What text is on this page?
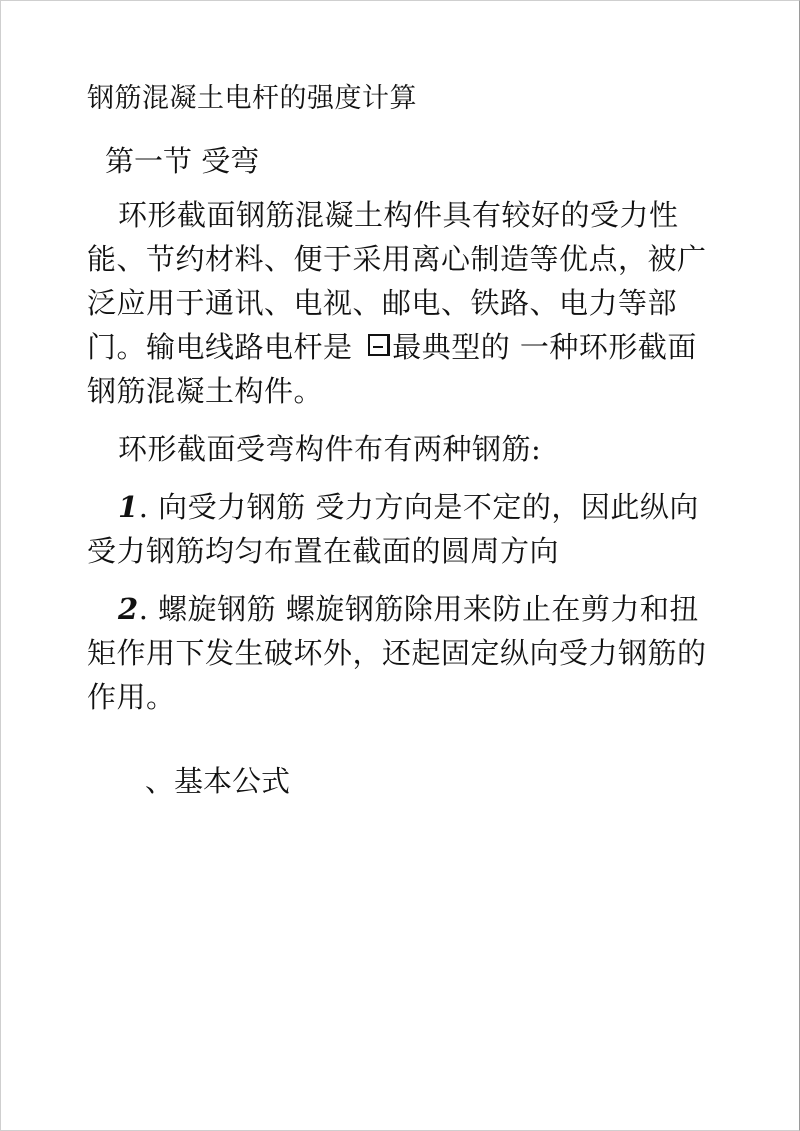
钢筋混凝土电杆的强度计算
第一节 受弯

环形截面钢筋混凝土构件具有较好的受力性能、节约材料、便于采用离心制造等优点，被广泛应用于通讯、电视、邮电、铁路、电力等部门。输电线路电杆是 最典型的 一种环形截面钢筋混凝土构件。

环形截面受弯构件布有两种钢筋:

1. 向受力钢筋 受力方向是不定的，因此纵向受力钢筋均匀布置在截面的圆周方向

2. 螺旋钢筋 螺旋钢筋除用来防止在剪力和扭矩作用下发生破坏外，还起固定纵向受力钢筋的作用。

、基本公式
